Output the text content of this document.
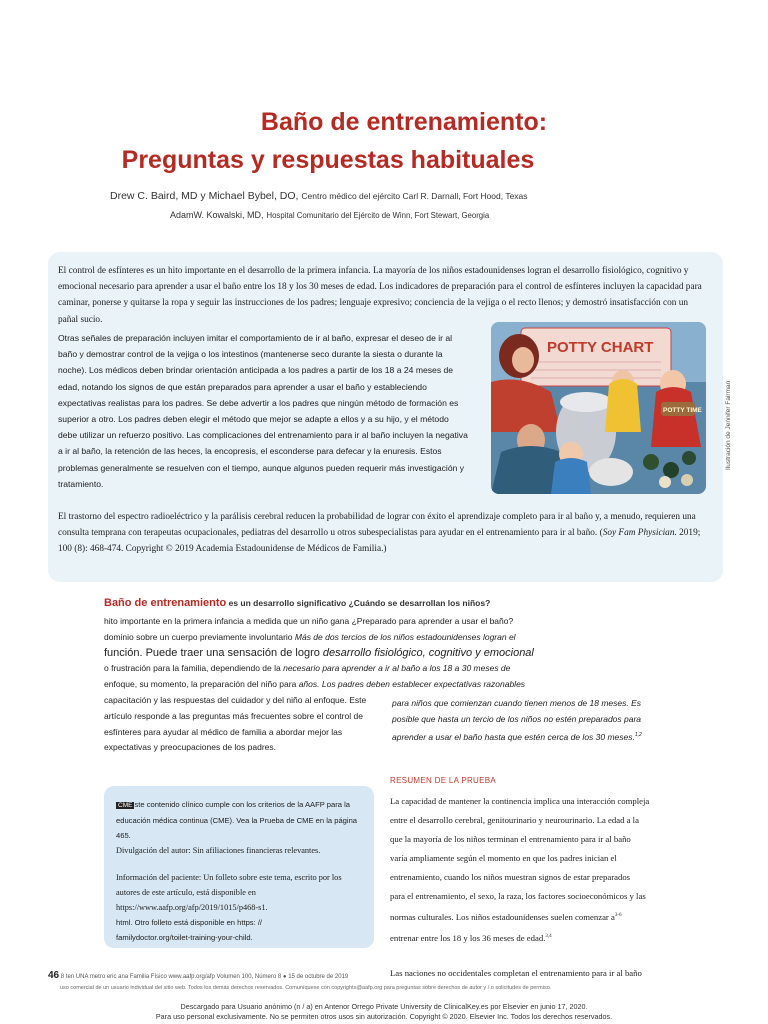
Baño de entrenamiento:
Preguntas y respuestas habituales
Drew C. Baird, MD y Michael Bybel, DO, Centro médico del ejército Carl R. Darnall, Fort Hood, Texas
AdamW. Kowalski, MD, Hospital Comunitario del Ejército de Winn, Fort Stewart, Georgia
El control de esfínteres es un hito importante en el desarrollo de la primera infancia. La mayoría de los niños estadounidenses logran el desarrollo fisiológico, cognitivo y emocional necesario para aprender a usar el baño entre los 18 y los 30 meses de edad. Los indicadores de preparación para el control de esfínteres incluyen la capacidad para caminar, ponerse y quitarse la ropa y seguir las instrucciones de los padres; lenguaje expresivo; conciencia de la vejiga o el recto llenos; y demostró insatisfacción con un pañal sucio.
Otras señales de preparación incluyen imitar el comportamiento de ir al baño, expresar el deseo de ir al
baño y demostrar control de la vejiga o los intestinos (mantenerse seco durante la siesta o durante la
noche). Los médicos deben brindar orientación anticipada a los padres a partir de los 18 a 24 meses de
edad, notando los signos de que están preparados para aprender a usar el baño y estableciendo
expectativas realistas para los padres. Se debe advertir a los padres que ningún método de formación es
superior a otro. Los padres deben elegir el método que mejor se adapte a ellos y a su hijo, y el método
debe utilizar un refuerzo positivo. Las complicaciones del entrenamiento para ir al baño incluyen la negativa
a ir al baño, la retención de las heces, la encopresis, el esconderse para defecar y la enuresis. Estos
problemas generalmente se resuelven con el tiempo, aunque algunos pueden requerir más investigación y
tratamiento.
POTTY CHART
POTTY TIME	Ilustración de Jennifer Fairman
El trastorno del espectro radioeléctrico y la parálisis cerebral reducen la probabilidad de lograr con éxito el aprendizaje completo para ir al baño y, a menudo, requieren una consulta temprana con terapeutas ocupacionales, pediatras del desarrollo u otros subespecialistas para ayudar en el entrenamiento para ir al baño. (Soy Fam Physician. 2019; 100 (8): 468-474. Copyright © 2019 Academia Estadounidense de Médicos de Familia.)
Baño de entrenamiento es un desarrollo significativo ¿Cuándo se desarrollan los niños?
hito importante en la primera infancia a medida que un niño gana ¿Preparado para aprender a usar el baño?
dominio sobre un cuerpo previamente involuntario Más de dos tercios de los niños estadounidenses logran el
función. Puede traer una sensación de logro desarrollo fisiológico, cognitivo y emocional
o frustración para la familia, dependiendo de la necesario para aprender a ir al baño a los 18 a 30 meses de
enfoque, su momento, la preparación del niño para años. Los padres deben establecer expectativas razonables
capacitación y las respuestas del cuidador y del niño al enfoque. Este
artículo responde a las preguntas más frecuentes sobre el control de
esfínteres para ayudar al médico de familia a abordar mejor las
expectativas y preocupaciones de los padres.
para niños que comienzan cuando tienen menos de 18 meses. Es
posible que hasta un tercio de los niños no estén preparados para
aprender a usar el baño hasta que estén cerca de los 30 meses.$^{1,2}$
CME ste contenido clínico cumple con los criterios de la AAFP para la
educación médica continua (CME). Vea la Prueba de CME en la página
465.
Divulgación del autor: Sin afiliaciones financieras relevantes.
Información del paciente: Un folleto sobre este tema, escrito por los
autores de este artículo, está disponible en
https://www.aafp.org/afp/2019/1015/p468-s1.
html. Otro folleto está disponible en https: //
familydoctor.org/toilet-training-your-child.
RESUMEN DE LA PRUEBA
La capacidad de mantener la continencia implica una interacción compleja
entre el desarrollo cerebral, genitourinario y neurourinario. La edad a la
que la mayoría de los niños terminan el entrenamiento para ir al baño
varía ampliamente según el momento en que los padres inician el
entrenamiento, cuando los niños muestran signos de estar preparados
para el entrenamiento, el sexo, la raza, los factores socioeconómicos y las
normas culturales. Los niños estadounidenses suelen comenzar $a^{3-6}$
entrenar entre los 18 y los 36 meses de edad.$^{3,4}$
Las naciones no occidentales completan el entrenamiento para ir al baño
46 8 ten UNA metro eric ana Familia Físico www.aafp.org/afp Volumen 100, Número 8 ● 15 de octubre de 2019
uso comercial de un usuario individual del sitio web. Todos los demás derechos reservados. Comuníquese con copyrights@aafp.org para preguntas sobre derechos de autor y / o solicitudes de permiso.
Descargado para Usuario anónimo (n / a) en Antenor Orrego Private University de ClinicalKey.es por Elsevier en junio 17, 2020.
Para uso personal exclusivamente. No se permiten otros usos sin autorización. Copyright © 2020. Elsevier Inc. Todos los derechos reservados.
